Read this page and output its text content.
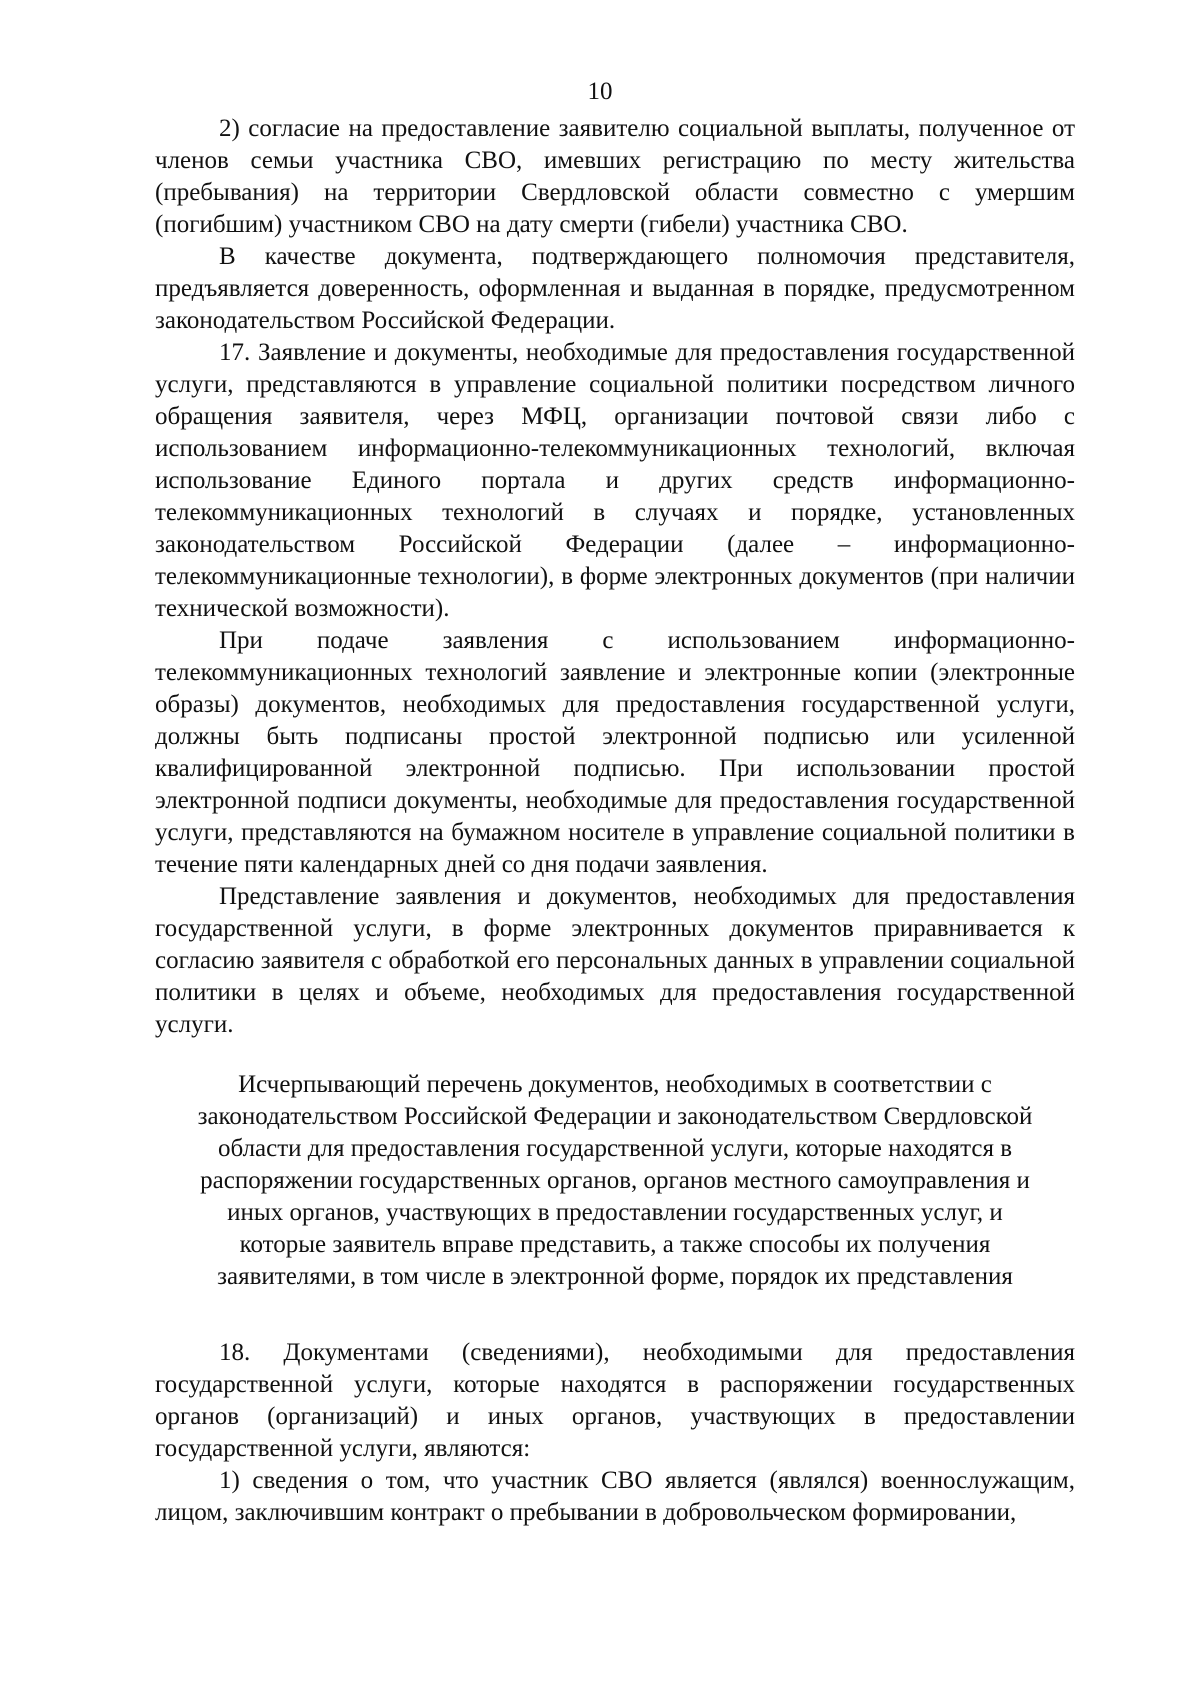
10

2) согласие на предоставление заявителю социальной выплаты, полученное от членов семьи участника СВО, имевших регистрацию по месту жительства (пребывания) на территории Свердловской области совместно с умершим (погибшим) участником СВО на дату смерти (гибели) участника СВО.

В качестве документа, подтверждающего полномочия представителя, предъявляется доверенность, оформленная и выданная в порядке, предусмотренном законодательством Российской Федерации.

17. Заявление и документы, необходимые для предоставления государственной услуги, представляются в управление социальной политики посредством личного обращения заявителя, через МФЦ, организации почтовой связи либо с использованием информационно-телекоммуникационных технологий, включая использование Единого портала и других средств информационно-телекоммуникационных технологий в случаях и порядке, установленных законодательством Российской Федерации (далее – информационно-телекоммуникационные технологии), в форме электронных документов (при наличии технической возможности).

При подаче заявления с использованием информационно-телекоммуникационных технологий заявление и электронные копии (электронные образы) документов, необходимых для предоставления государственной услуги, должны быть подписаны простой электронной подписью или усиленной квалифицированной электронной подписью. При использовании простой электронной подписи документы, необходимые для предоставления государственной услуги, представляются на бумажном носителе в управление социальной политики в течение пяти календарных дней со дня подачи заявления.

Представление заявления и документов, необходимых для предоставления государственной услуги, в форме электронных документов приравнивается к согласию заявителя с обработкой его персональных данных в управлении социальной политики в целях и объеме, необходимых для предоставления государственной услуги.

Исчерпывающий перечень документов, необходимых в соответствии с законодательством Российской Федерации и законодательством Свердловской области для предоставления государственной услуги, которые находятся в распоряжении государственных органов, органов местного самоуправления и иных органов, участвующих в предоставлении государственных услуг, и которые заявитель вправе представить, а также способы их получения заявителями, в том числе в электронной форме, порядок их представления

18. Документами (сведениями), необходимыми для предоставления государственной услуги, которые находятся в распоряжении государственных органов (организаций) и иных органов, участвующих в предоставлении государственной услуги, являются:

1) сведения о том, что участник СВО является (являлся) военнослужащим, лицом, заключившим контракт о пребывании в добровольческом формировании,
